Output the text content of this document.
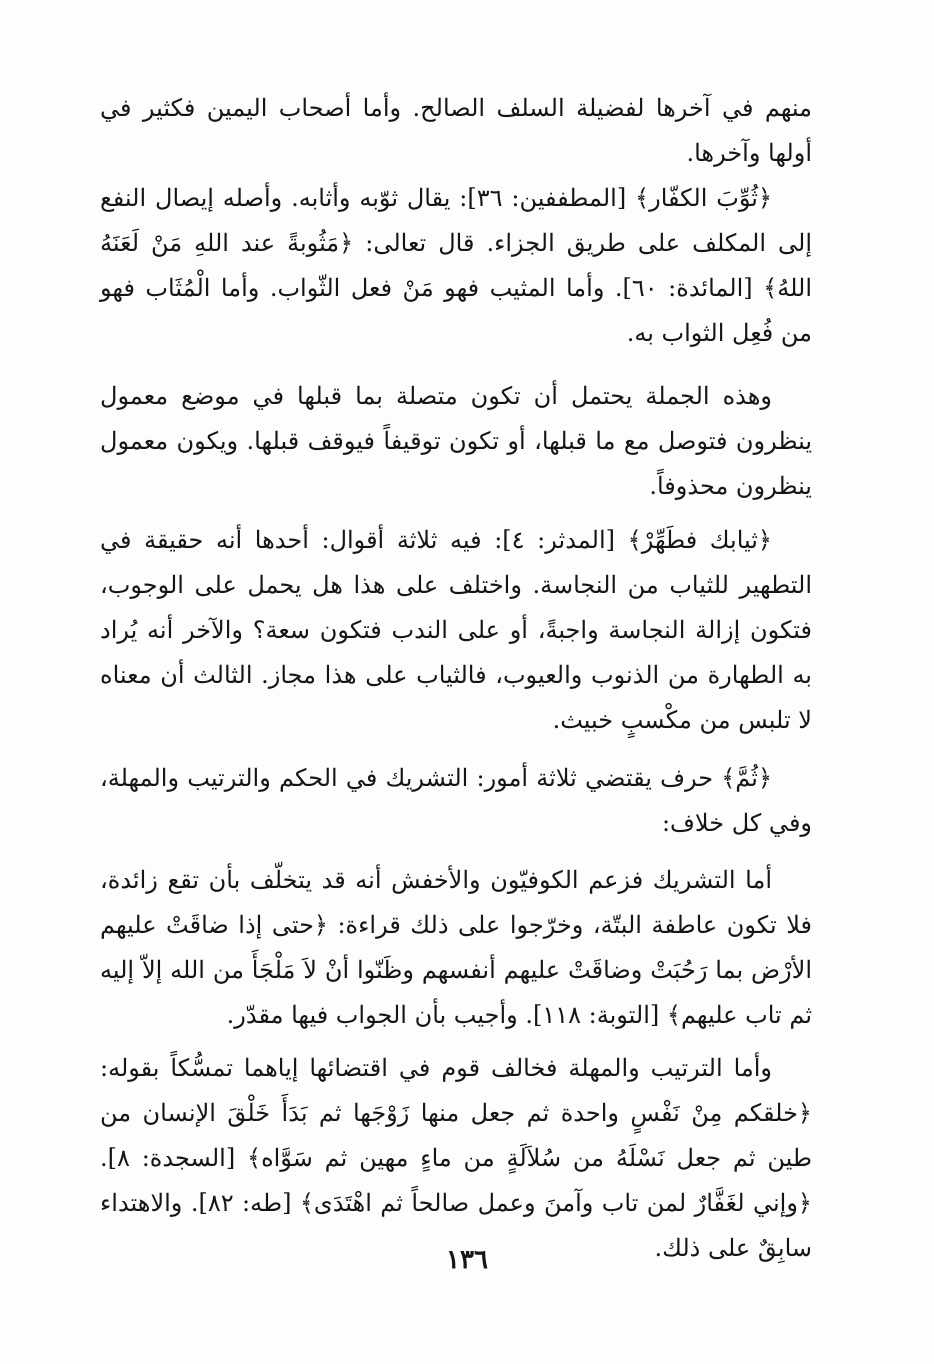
منهم في آخرها لفضيلة السلف الصالح. وأما أصحاب اليمين فكثير في أولها وآخرها.

﴿ثُوِّبَ الكفّار﴾ [المطففين: ٣٦]: يقال ثوّبه وأثابه. وأصله إيصال النفع إلى المكلف على طريق الجزاء. قال تعالى: ﴿مَثُوبةً عند اللهِ مَنْ لَعَنَهُ اللهُ﴾ [المائدة: ٦٠]. وأما المثيب فهو مَنْ فعل الثّواب. وأما الْمُثَاب فهو من فُعِل الثواب به.

وهذه الجملة يحتمل أن تكون متصلة بما قبلها في موضع معمول ينظرون فتوصل مع ما قبلها، أو تكون توقيفاً فيوقف قبلها. ويكون معمول ينظرون محذوفاً.

﴿ثيابك فطَهِّرْ﴾ [المدثر: ٤]: فيه ثلاثة أقوال: أحدها أنه حقيقة في التطهير للثياب من النجاسة. واختلف على هذا هل يحمل على الوجوب، فتكون إزالة النجاسة واجبةً، أو على الندب فتكون سعة؟ والآخر أنه يُراد به الطهارة من الذنوب والعيوب، فالثياب على هذا مجاز. الثالث أن معناه لا تلبس من مكْسبٍ خبيث.

﴿ثُمَّ﴾ حرف يقتضي ثلاثة أمور: التشريك في الحكم والترتيب والمهلة، وفي كل خلاف:

أما التشريك فزعم الكوفيّون والأخفش أنه قد يتخلّف بأن تقع زائدة، فلا تكون عاطفة البتّة، وخرّجوا على ذلك قراءة: ﴿حتى إذا ضاقَتْ عليهم الأرْض بما رَحُبَتْ وضاقَتْ عليهم أنفسهم وظَنّوا أنْ لاَ مَلْجَأَ من الله إلاّ إليه ثم تاب عليهم﴾ [التوبة: ١١٨]. وأجيب بأن الجواب فيها مقدّر.

وأما الترتيب والمهلة فخالف قوم في اقتضائها إياهما تمسُّكاً بقوله: ﴿خلقكم مِنْ نَفْسٍ واحدة ثم جعل منها زَوْجَها ثم بَدَأَ خَلْقَ الإنسان من طين ثم جعل نَسْلَهُ من سُلاَلَةٍ من ماءٍ مهين ثم سَوَّاه﴾ [السجدة: ٨]. ﴿وإني لغَفَّارٌ لمن تاب وآمنَ وعمل صالحاً ثم اهْتَدَى﴾ [طه: ٨٢]. والاهتداء سابِقٌ على ذلك.

١٣٦
